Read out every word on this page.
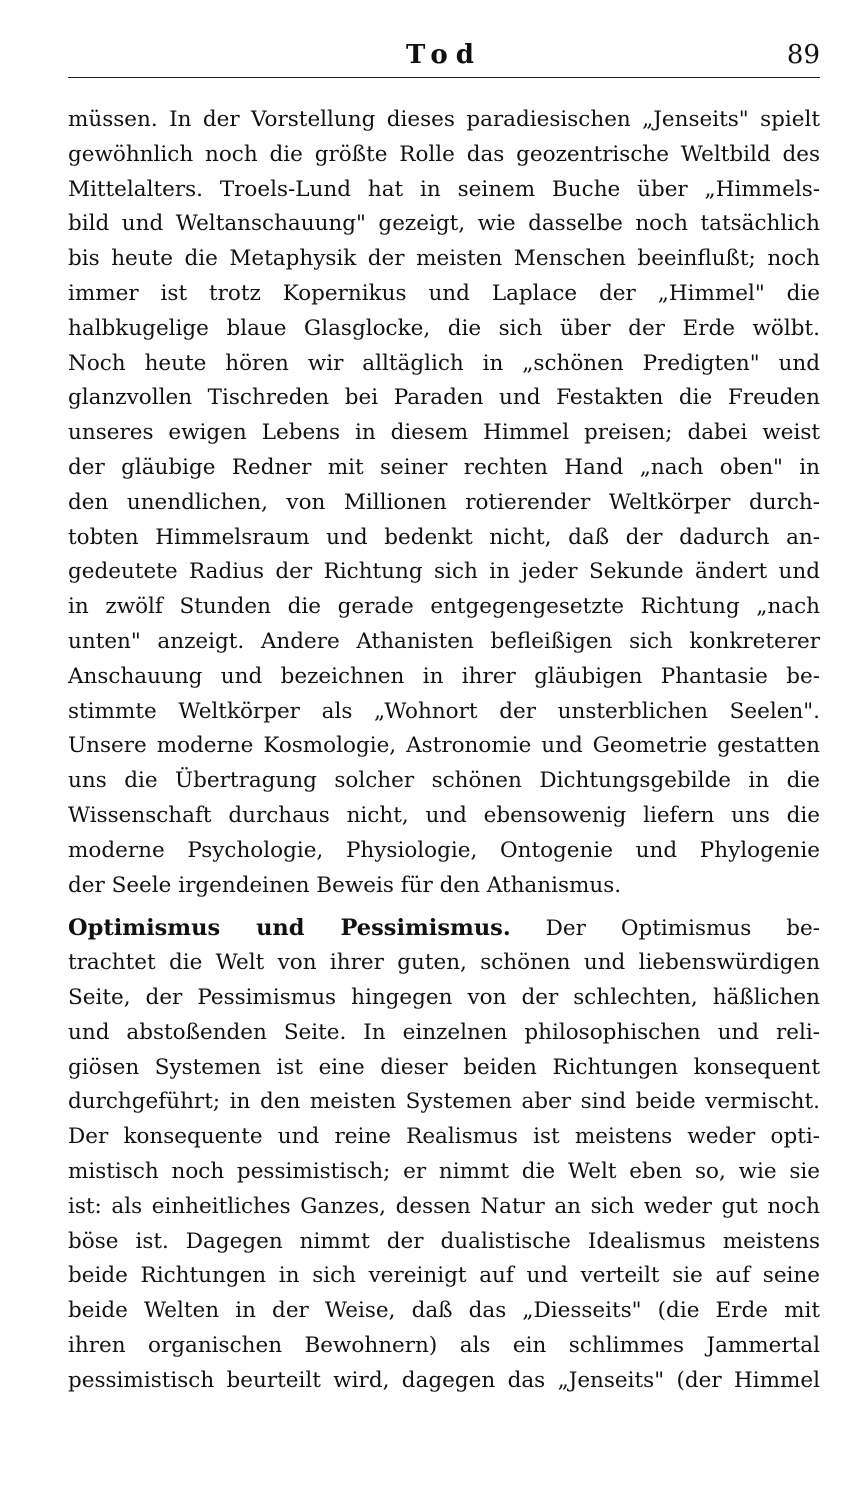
Tod	89
müssen. In der Vorstellung dieses paradiesischen „Jenseits" spielt
gewöhnlich noch die größte Rolle das geozentrische Weltbild des
Mittelalters. Troels-Lund hat in seinem Buche über „Himmels-
bild und Weltanschauung" gezeigt, wie dasselbe noch tatsächlich
bis heute die Metaphysik der meisten Menschen beeinflußt; noch
immer ist trotz Kopernikus und Laplace der „Himmel" die
halbkugelige blaue Glasglocke, die sich über der Erde wölbt.
Noch heute hören wir alltäglich in „schönen Predigten" und
glanzvollen Tischreden bei Paraden und Festakten die Freuden
unseres ewigen Lebens in diesem Himmel preisen; dabei weist
der gläubige Redner mit seiner rechten Hand „nach oben" in
den unendlichen, von Millionen rotierender Weltkörper durch-
tobten Himmelsraum und bedenkt nicht, daß der dadurch an-
gedeutete Radius der Richtung sich in jeder Sekunde ändert und
in zwölf Stunden die gerade entgegengesetzte Richtung „nach
unten" anzeigt. Andere Athanisten befleißigen sich konkreterer
Anschauung und bezeichnen in ihrer gläubigen Phantasie be-
stimmte Weltkörper als „Wohnort der unsterblichen Seelen".
Unsere moderne Kosmologie, Astronomie und Geometrie gestatten
uns die Übertragung solcher schönen Dichtungsgebilde in die
Wissenschaft durchaus nicht, und ebensowenig liefern uns die
moderne Psychologie, Physiologie, Ontogenie und Phylogenie
der Seele irgendeinen Beweis für den Athanismus.
Optimismus und Pessimismus. Der Optimismus be-
trachtet die Welt von ihrer guten, schönen und liebenswürdigen
Seite, der Pessimismus hingegen von der schlechten, häßlichen
und abstoßenden Seite. In einzelnen philosophischen und reli-
giösen Systemen ist eine dieser beiden Richtungen konsequent
durchgeführt; in den meisten Systemen aber sind beide vermischt.
Der konsequente und reine Realismus ist meistens weder opti-
mistisch noch pessimistisch; er nimmt die Welt eben so, wie sie
ist: als einheitliches Ganzes, dessen Natur an sich weder gut noch
böse ist. Dagegen nimmt der dualistische Idealismus meistens
beide Richtungen in sich vereinigt auf und verteilt sie auf seine
beide Welten in der Weise, daß das „Diesseits" (die Erde mit
ihren organischen Bewohnern) als ein schlimmes Jammertal
pessimistisch beurteilt wird, dagegen das „Jenseits" (der Himmel
